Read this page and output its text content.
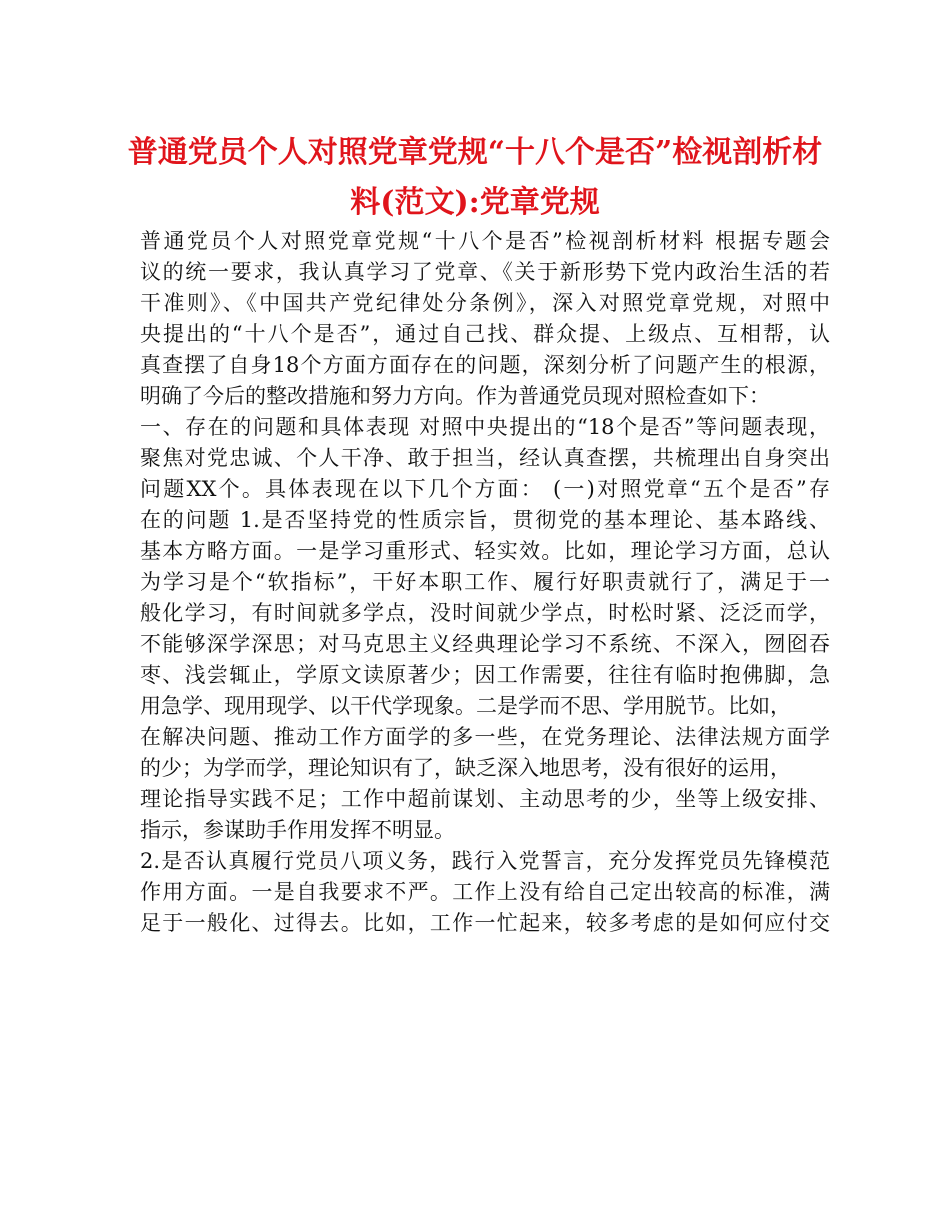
普通党员个人对照党章党规“十八个是否”检视剖析材
料(范文):党章党规
普通党员个人对照党章党规“十八个是否”检视剖析材料 根据专题会
议的统一要求，我认真学习了党章、《关于新形势下党内政治生活的若
干准则》、《中国共产党纪律处分条例》，深入对照党章党规，对照中
央提出的“十八个是否”，通过自己找、群众提、上级点、互相帮，认
真查摆了自身18个方面方面存在的问题，深刻分析了问题产生的根源，
明确了今后的整改措施和努力方向。作为普通党员现对照检查如下：
一、存在的问题和具体表现 对照中央提出的“18个是否”等问题表现，
聚焦对党忠诚、个人干净、敢于担当，经认真查摆，共梳理出自身突出
问题XX个。具体表现在以下几个方面： (一)对照党章“五个是否”存
在的问题 1.是否坚持党的性质宗旨，贯彻党的基本理论、基本路线、
基本方略方面。一是学习重形式、轻实效。比如，理论学习方面，总认
为学习是个“软指标”，干好本职工作、履行好职责就行了，满足于一
般化学习，有时间就多学点，没时间就少学点，时松时紧、泛泛而学，
不能够深学深思；对马克思主义经典理论学习不系统、不深入，囫囵吞
枣、浅尝辄止，学原文读原著少；因工作需要，往往有临时抱佛脚，急
用急学、现用现学、以干代学现象。二是学而不思、学用脱节。比如，
在解决问题、推动工作方面学的多一些，在党务理论、法律法规方面学
的少；为学而学，理论知识有了，缺乏深入地思考，没有很好的运用，
理论指导实践不足；工作中超前谋划、主动思考的少，坐等上级安排、
指示，参谋助手作用发挥不明显。
2.是否认真履行党员八项义务，践行入党誓言，充分发挥党员先锋模范
作用方面。一是自我要求不严。工作上没有给自己定出较高的标准，满
足于一般化、过得去。比如，工作一忙起来，较多考虑的是如何应付交
